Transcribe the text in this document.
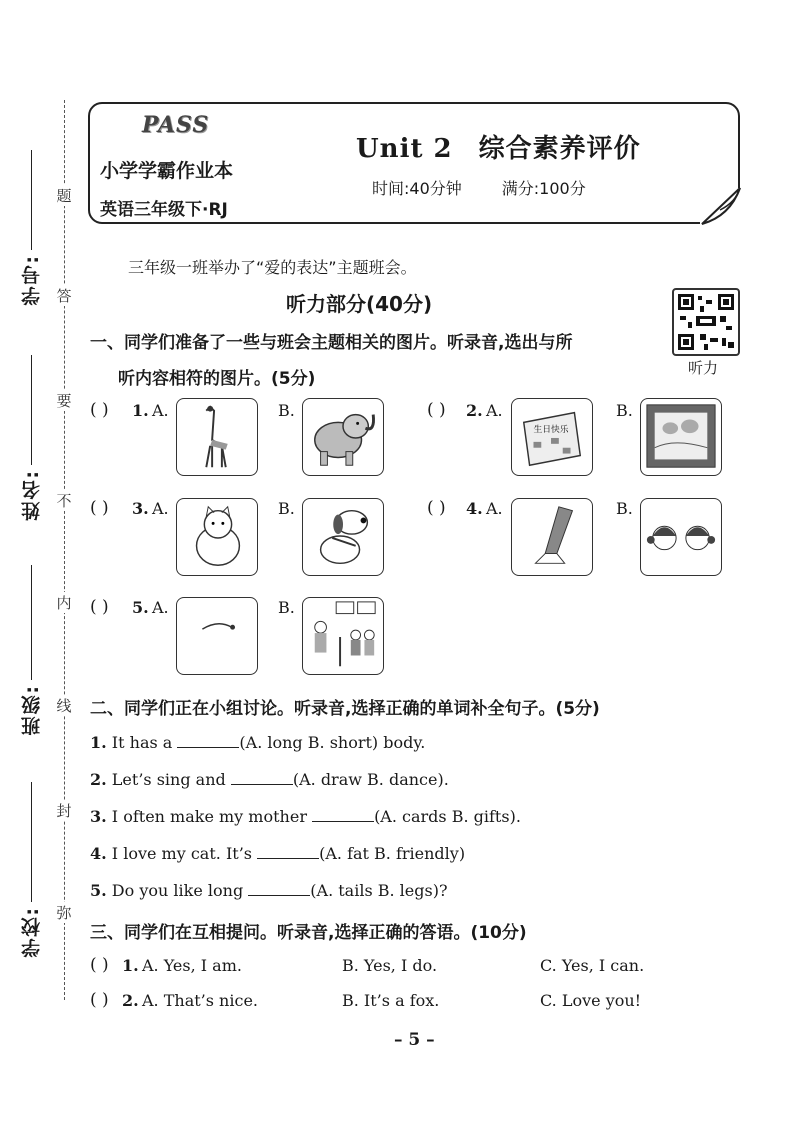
题
答
要
不
内
线
封
弥
学号:
姓名:
班级:
学校:
PASS
小学学霸作业本
英语三年级下·RJ
Unit 2 综合素养评价
时间:40分钟	满分:100分
三年级一班举办了“爱的表达”主题班会。
听力部分(40分)
听力
一、同学们准备了一些与班会主题相关的图片。听录音,选出与所
听内容相符的图片。(5分)
( ) 1. A.	B.	( ) 2. A.
生日快乐
B.
( ) 3. A.	B.	( ) 4. A.	B.
( ) 5. A.	B.
二、同学们正在小组讨论。听录音,选择正确的单词补全句子。(5分)
1. It has a	(A. long B. short) body.
2. Let’s sing and	(A. draw B. dance).
3. I often make my mother	(A. cards B. gifts).
4. I love my cat. It’s	(A. fat B. friendly)
5. Do you like long	(A. tails B. legs)?
三、同学们在互相提问。听录音,选择正确的答语。(10分)
( ) 1. A. Yes, I am.	B. Yes, I do.	C. Yes, I can.
( ) 2. A. That’s nice.	B. It’s a fox.	C. Love you!
– 5 –
